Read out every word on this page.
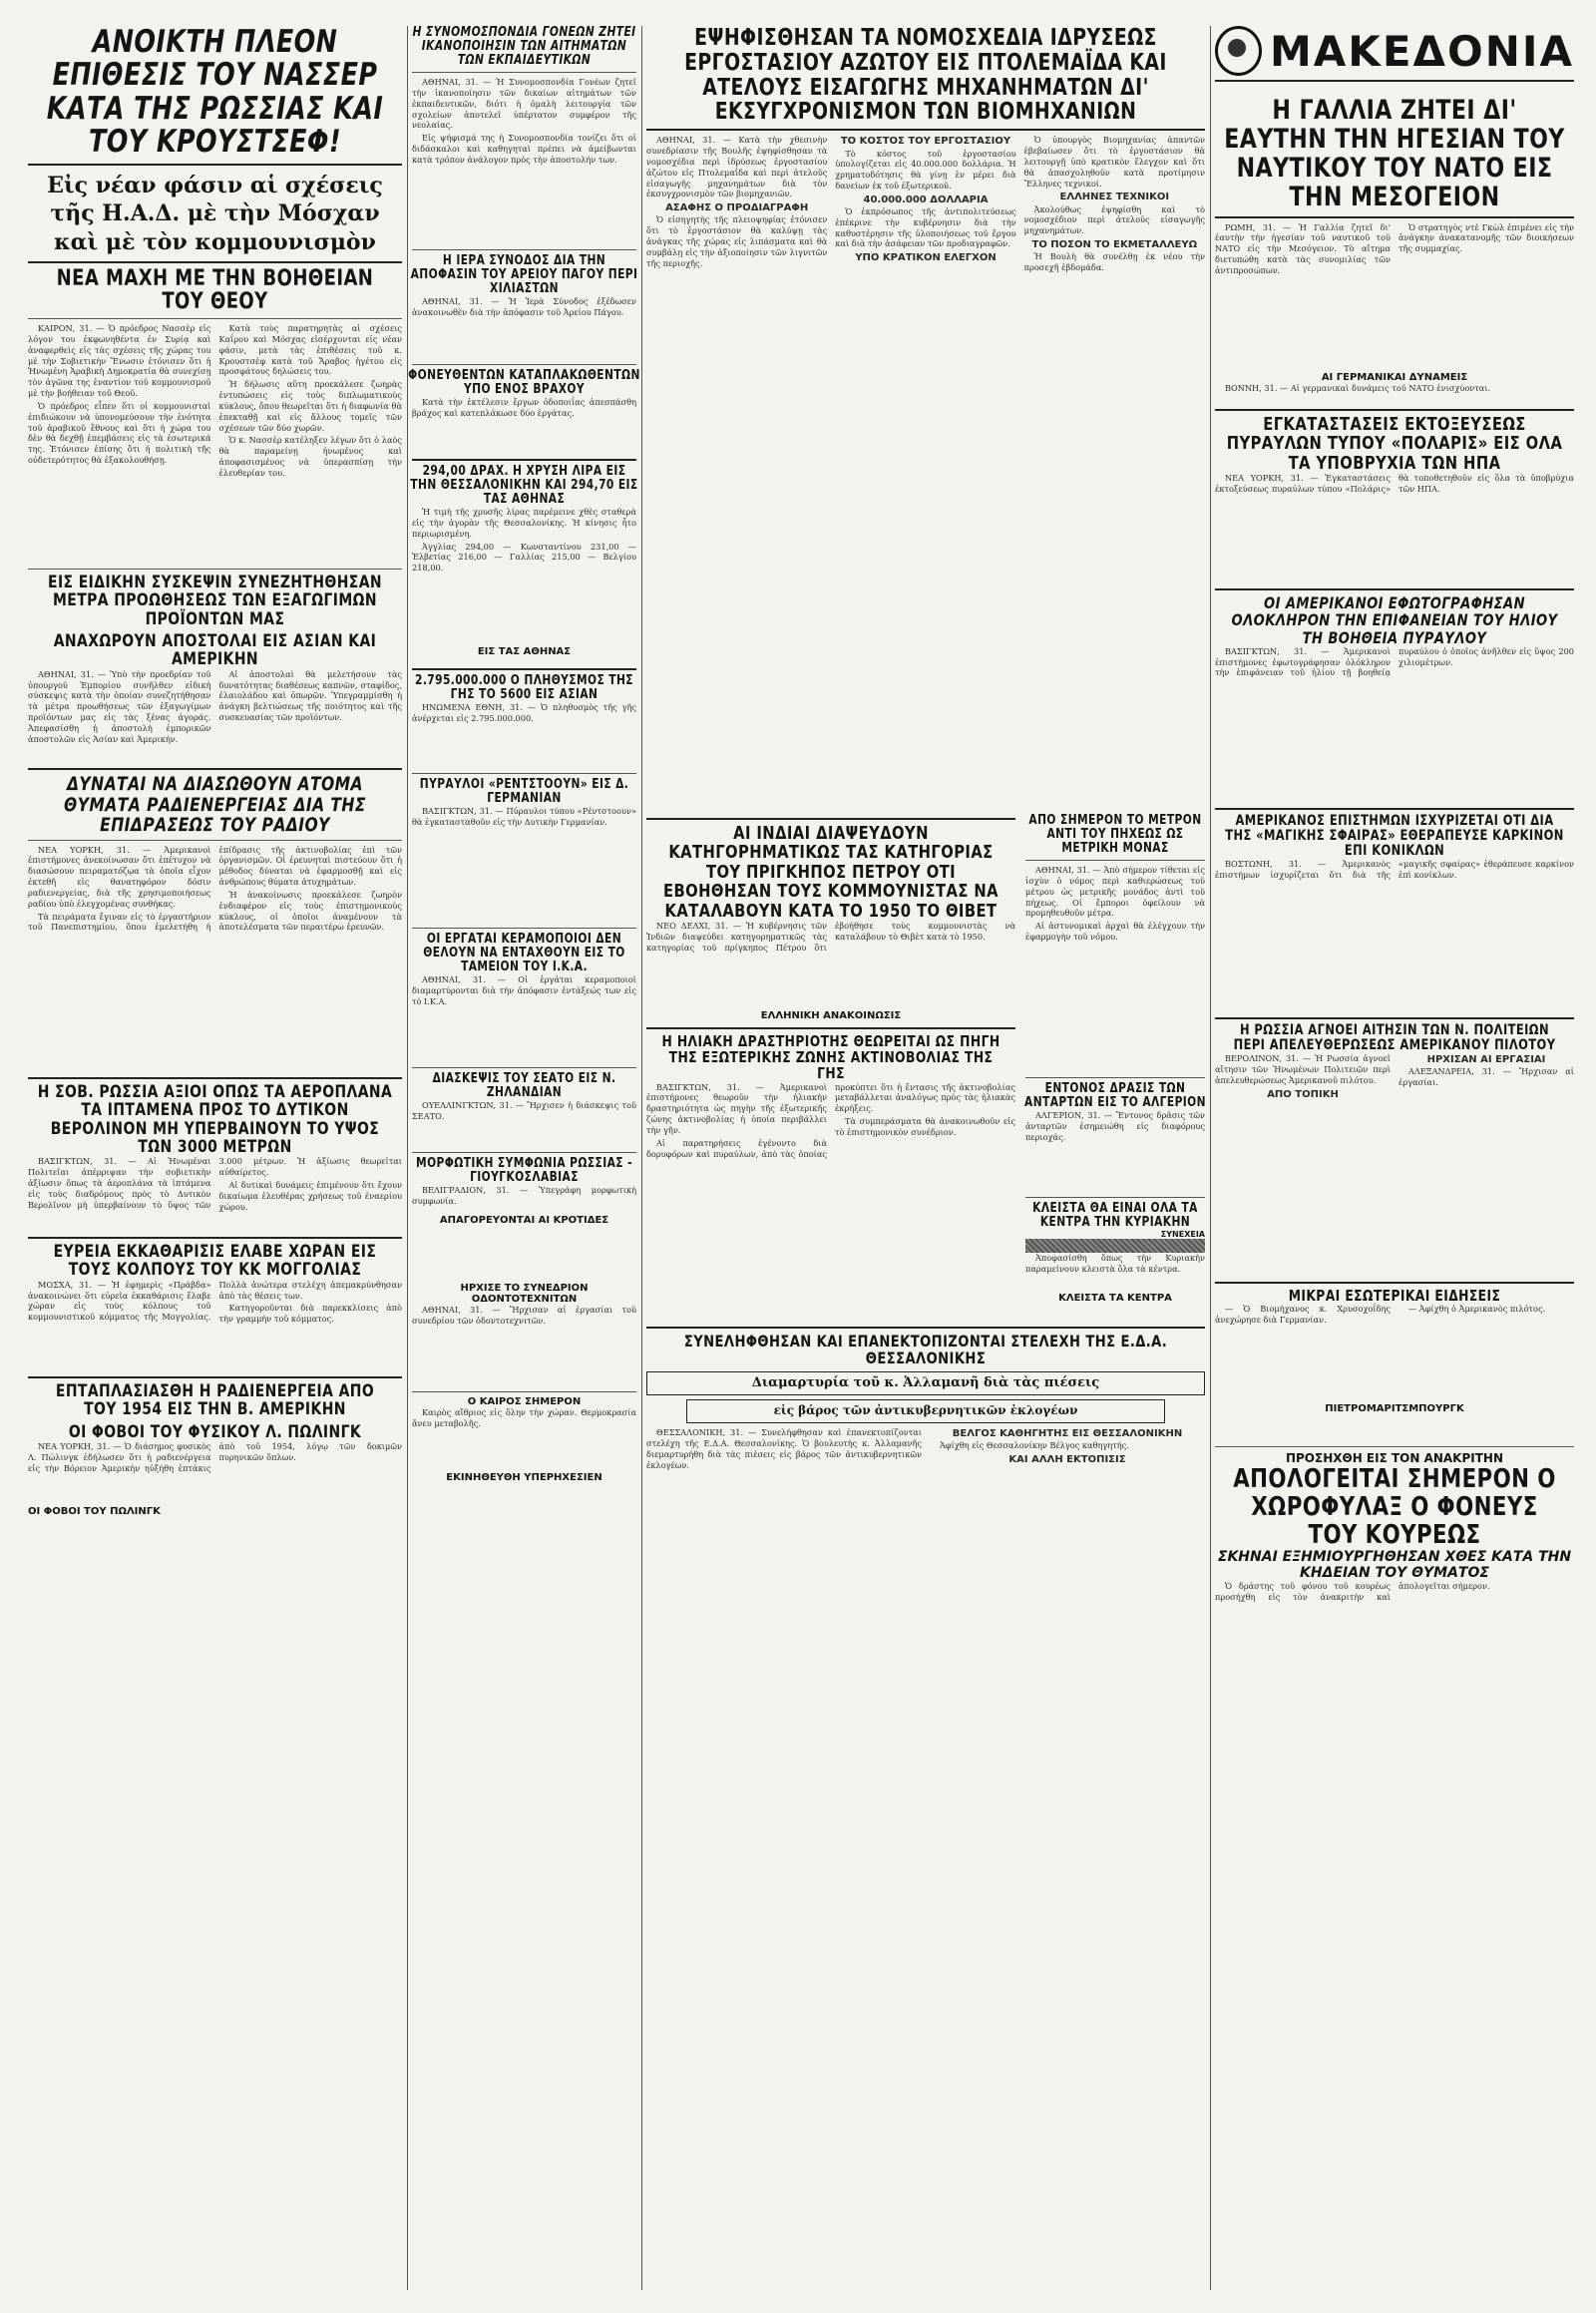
ΑΝΟΙΚΤΗ ΠΛΕΟΝ ΕΠΙΘΕΣΙΣ ΤΟΥ ΝΑΣΣΕΡ ΚΑΤΑ ΤΗΣ ΡΩΣΣΙΑΣ ΚΑΙ ΤΟΥ ΚΡΟΥΣΤΣΕΦ!
Εἰς νέαν φάσιν αἱ σχέσεις τῆς Η.Α.Δ. μὲ τὴν Μόσχαν καὶ μὲ τὸν κομμουνισμὸν
ΝΕΑ ΜΑΧΗ ΜΕ ΤΗΝ ΒΟΗΘΕΙΑΝ ΤΟΥ ΘΕΟΥ

ΚΑΙΡΟΝ, 31. — Ὁ πρόεδρος Νασσὲρ εἰς λόγον του ἐκφωνηθέντα ἐν Συρίᾳ καὶ ἀναφερθεὶς εἰς τὰς σχέσεις τῆς χώρας του μὲ τὴν Σοβιετικὴν Ἕνωσιν ἐτόνισεν ὅτι ἡ Ἡνωμένη Ἀραβικὴ Δημοκρατία θὰ συνεχίσῃ τὸν ἀγῶνα της ἐναντίον τοῦ κομμουνισμοῦ μὲ τὴν βοήθειαν τοῦ Θεοῦ.

Ὁ πρόεδρος εἶπεν ὅτι οἱ κομμουνισταὶ ἐπιδιώκουν νὰ ὑπονομεύσουν τὴν ἑνότητα τοῦ ἀραβικοῦ ἔθνους καὶ ὅτι ἡ χώρα του δὲν θὰ δεχθῇ ἐπεμβάσεις εἰς τὰ ἐσωτερικά της. Ἐτόνισεν ἐπίσης ὅτι ἡ πολιτικὴ τῆς οὐδετερότητος θὰ ἐξακολουθήσῃ.

Κατὰ τοὺς παρατηρητὰς αἱ σχέσεις Καΐρου καὶ Μόσχας εἰσέρχονται εἰς νέαν φάσιν, μετὰ τὰς ἐπιθέσεις τοῦ κ. Κρουστσὲφ κατὰ τοῦ Ἄραβος ἡγέτου εἰς προσφάτους δηλώσεις του.

Ἡ δήλωσις αὕτη προεκάλεσε ζωηρὰς ἐντυπώσεις εἰς τοὺς διπλωματικοὺς κύκλους, ὅπου θεωρεῖται ὅτι ἡ διαφωνία θὰ ἐπεκταθῇ καὶ εἰς ἄλλους τομεῖς τῶν σχέσεων τῶν δύο χωρῶν.

Ὁ κ. Νασσὲρ κατέληξεν λέγων ὅτι ὁ λαὸς θὰ παραμείνῃ ἡνωμένος καὶ ἀποφασισμένος νὰ ὑπερασπίσῃ τὴν ἐλευθερίαν του.

ΕΙΣ ΕΙΔΙΚΗΝ ΣΥΣΚΕΨΙΝ ΣΥΝΕΖΗΤΗΘΗΣΑΝ ΜΕΤΡΑ ΠΡΟΩΘΗΣΕΩΣ ΤΩΝ ΕΞΑΓΩΓΙΜΩΝ ΠΡΟΪΟΝΤΩΝ ΜΑΣ
ΑΝΑΧΩΡΟΥΝ ΑΠΟΣΤΟΛΑΙ ΕΙΣ ΑΣΙΑΝ ΚΑΙ ΑΜΕΡΙΚΗΝ

ΑΘΗΝΑΙ, 31. — Ὑπὸ τὴν προεδρίαν τοῦ ὑπουργοῦ Ἐμπορίου συνῆλθεν εἰδικὴ σύσκεψις κατὰ τὴν ὁποίαν συνεζητήθησαν τὰ μέτρα προωθήσεως τῶν ἐξαγωγίμων προϊόντων μας εἰς τὰς ξένας ἀγοράς. Ἀπεφασίσθη ἡ ἀποστολὴ ἐμπορικῶν ἀποστολῶν εἰς Ἀσίαν καὶ Ἀμερικήν.

Αἱ ἀποστολαὶ θὰ μελετήσουν τὰς δυνατότητας διαθέσεως καπνῶν, σταφίδος, ἐλαιολάδου καὶ ὀπωρῶν. Ὑπεγραμμίσθη ἡ ἀνάγκη βελτιώσεως τῆς ποιότητος καὶ τῆς συσκευασίας τῶν προϊόντων.

ΔΥΝΑΤΑΙ ΝΑ ΔΙΑΣΩΘΟΥΝ ΑΤΟΜΑ ΘΥΜΑΤΑ ΡΑΔΙΕΝΕΡΓΕΙΑΣ ΔΙΑ ΤΗΣ ΕΠΙΔΡΑΣΕΩΣ ΤΟΥ ΡΑΔΙΟΥ

ΝΕΑ ΥΟΡΚΗ, 31. — Ἀμερικανοὶ ἐπιστήμονες ἀνεκοίνωσαν ὅτι ἐπέτυχον νὰ διασώσουν πειραματόζῳα τὰ ὁποῖα εἶχον ἐκτεθῆ εἰς θανατηφόρον δόσιν ραδιενεργείας, διὰ τῆς χρησιμοποιήσεως ραδίου ὑπὸ ἐλεγχομένας συνθήκας.

Τὰ πειράματα ἔγιναν εἰς τὸ ἐργαστήριον τοῦ Πανεπιστημίου, ὅπου ἐμελετήθη ἡ ἐπίδρασις τῆς ἀκτινοβολίας ἐπὶ τῶν ὀργανισμῶν. Οἱ ἐρευνηταὶ πιστεύουν ὅτι ἡ μέθοδος δύναται νὰ ἐφαρμοσθῇ καὶ εἰς ἀνθρώπους θύματα ἀτυχημάτων.

Ἡ ἀνακοίνωσις προεκάλεσε ζωηρὸν ἐνδιαφέρον εἰς τοὺς ἐπιστημονικοὺς κύκλους, οἱ ὁποῖοι ἀναμένουν τὰ ἀποτελέσματα τῶν περαιτέρω ἐρευνῶν.

Η ΣΟΒ. ΡΩΣΣΙΑ ΑΞΙΟΙ ΟΠΩΣ ΤΑ ΑΕΡΟΠΛΑΝΑ ΤΑ ΙΠΤΑΜΕΝΑ ΠΡΟΣ ΤΟ ΔΥΤΙΚΟΝ ΒΕΡΟΛΙΝΟΝ ΜΗ ΥΠΕΡΒΑΙΝΟΥΝ ΤΟ ΥΨΟΣ ΤΩΝ 3000 ΜΕΤΡΩΝ

ΒΑΣΙΓΚΤΩΝ, 31. — Αἱ Ἡνωμέναι Πολιτεῖαι ἀπέρριψαν τὴν σοβιετικὴν ἀξίωσιν ὅπως τὰ ἀεροπλάνα τὰ ἱπτάμενα εἰς τοὺς διαδρόμους πρὸς τὸ Δυτικὸν Βερολῖνον μὴ ὑπερβαίνουν τὸ ὕψος τῶν 3.000 μέτρων. Ἡ ἀξίωσις θεωρεῖται αὐθαίρετος.

Αἱ δυτικαὶ δυνάμεις ἐπιμένουν ὅτι ἔχουν δικαίωμα ἐλευθέρας χρήσεως τοῦ ἐναερίου χώρου.

ΕΥΡΕΙΑ ΕΚΚΑΘΑΡΙΣΙΣ ΕΛΑΒΕ ΧΩΡΑΝ ΕΙΣ ΤΟΥΣ ΚΟΛΠΟΥΣ ΤΟΥ ΚΚ ΜΟΓΓΟΛΙΑΣ

ΜΟΣΧΑ, 31. — Ἡ ἐφημερὶς «Πράβδα» ἀνακοινώνει ὅτι εὐρεῖα ἐκκαθάρισις ἔλαβε χώραν εἰς τοὺς κόλπους τοῦ κομμουνιστικοῦ κόμματος τῆς Μογγολίας. Πολλὰ ἀνώτερα στελέχη ἀπεμακρύνθησαν ἀπὸ τὰς θέσεις των.

Κατηγοροῦνται διὰ παρεκκλίσεις ἀπὸ τὴν γραμμὴν τοῦ κόμματος.

ΕΠΤΑΠΛΑΣΙΑΣΘΗ Η ΡΑΔΙΕΝΕΡΓΕΙΑ ΑΠΟ ΤΟΥ 1954 ΕΙΣ ΤΗΝ Β. ΑΜΕΡΙΚΗΝ
ΟΙ ΦΟΒΟΙ ΤΟΥ ΦΥΣΙΚΟΥ Λ. ΠΩΛΙΝΓΚ

ΝΕΑ ΥΟΡΚΗ, 31. — Ὁ διάσημος φυσικὸς Λ. Πώλινγκ ἐδήλωσεν ὅτι ἡ ραδιενέργεια εἰς τὴν Βόρειον Ἀμερικὴν ηὐξήθη ἑπτάκις ἀπὸ τοῦ 1954, λόγῳ τῶν δοκιμῶν πυρηνικῶν ὅπλων.

ΟΙ ΦΟΒΟΙ ΤΟΥ ΠΩΛΙΝΓΚ
Η ΣΥΝΟΜΟΣΠΟΝΔΙΑ ΓΟΝΕΩΝ ΖΗΤΕΙ ΙΚΑΝΟΠΟΙΗΣΙΝ ΤΩΝ ΑΙΤΗΜΑΤΩΝ ΤΩΝ ΕΚΠΑΙΔΕΥΤΙΚΩΝ

ΑΘΗΝΑΙ, 31. — Ἡ Συνομοσπονδία Γονέων ζητεῖ τὴν ἱκανοποίησιν τῶν δικαίων αἰτημάτων τῶν ἐκπαιδευτικῶν, διότι ἡ ὁμαλὴ λειτουργία τῶν σχολείων ἀποτελεῖ ὑπέρτατον συμφέρον τῆς νεολαίας.

Εἰς ψήφισμά της ἡ Συνομοσπονδία τονίζει ὅτι οἱ διδάσκαλοι καὶ καθηγηταὶ πρέπει νὰ ἀμείβωνται κατὰ τρόπον ἀνάλογον πρὸς τὴν ἀποστολήν των.

Η ΙΕΡΑ ΣΥΝΟΔΟΣ ΔΙΑ ΤΗΝ ΑΠΟΦΑΣΙΝ ΤΟΥ ΑΡΕΙΟΥ ΠΑΓΟΥ ΠΕΡΙ ΧΙΛΙΑΣΤΩΝ

ΑΘΗΝΑΙ, 31. — Ἡ Ἱερὰ Σύνοδος ἐξέδωσεν ἀνακοινωθὲν διὰ τὴν ἀπόφασιν τοῦ Ἀρείου Πάγου.

ΦΟΝΕΥΘΕΝΤΩΝ ΚΑΤΑΠΛΑΚΩΘΕΝΤΩΝ ΥΠΟ ΕΝΟΣ ΒΡΑΧΟΥ

Κατὰ τὴν ἐκτέλεσιν ἔργων ὁδοποιΐας ἀπεσπάσθη βράχος καὶ κατεπλάκωσε δύο ἐργάτας.

294,00 ΔΡΑΧ. Η ΧΡΥΣΗ ΛΙΡΑ ΕΙΣ ΤΗΝ ΘΕΣΣΑΛΟΝΙΚΗΝ ΚΑΙ 294,70 ΕΙΣ ΤΑΣ ΑΘΗΝΑΣ

Ἡ τιμὴ τῆς χρυσῆς λίρας παρέμεινε χθὲς σταθερὰ εἰς τὴν ἀγορὰν τῆς Θεσσαλονίκης. Ἡ κίνησις ἦτο περιωρισμένη.

Ἀγγλίας 294,00 — Κωνσταντίνου 231,00 — Ἐλβετίας 216,00 — Γαλλίας 215,00 — Βελγίου 218,00.

ΕΙΣ ΤΑΣ ΑΘΗΝΑΣ
2.795.000.000 Ο ΠΛΗΘΥΣΜΟΣ ΤΗΣ ΓΗΣ ΤΟ 5600 ΕΙΣ ΑΣΙΑΝ

ΗΝΩΜΕΝΑ ΕΘΝΗ, 31. — Ὁ πληθυσμὸς τῆς γῆς ἀνέρχεται εἰς 2.795.000.000.

ΠΥΡΑΥΛΟΙ «ΡΕΝΤΣΤΟΟΥΝ» ΕΙΣ Δ. ΓΕΡΜΑΝΙΑΝ

ΒΑΣΙΓΚΤΩΝ, 31. — Πύραυλοι τύπου «Ρέντστοουν» θὰ ἐγκατασταθοῦν εἰς τὴν Δυτικὴν Γερμανίαν.

ΟΙ ΕΡΓΑΤΑΙ ΚΕΡΑΜΟΠΟΙΟΙ ΔΕΝ ΘΕΛΟΥΝ ΝΑ ΕΝΤΑΧΘΟΥΝ ΕΙΣ ΤΟ ΤΑΜΕΙΟΝ ΤΟΥ Ι.Κ.Α.

ΑΘΗΝΑΙ, 31. — Οἱ ἐργάται κεραμοποιοὶ διαμαρτύρονται διὰ τὴν ἀπόφασιν ἐντάξεώς των εἰς τὸ Ι.Κ.Α.

ΔΙΑΣΚΕΨΙΣ ΤΟΥ ΣΕΑΤΟ ΕΙΣ Ν. ΖΗΛΑΝΔΙΑΝ

ΟΥΕΛΛΙΝΓΚΤΩΝ, 31. — Ἤρχισεν ἡ διάσκεψις τοῦ ΣΕΑΤΟ.

ΜΟΡΦΩΤΙΚΗ ΣΥΜΦΩΝΙΑ ΡΩΣΣΙΑΣ - ΓΙΟΥΓΚΟΣΛΑΒΙΑΣ

ΒΕΛΙΓΡΑΔΙΟΝ, 31. — Ὑπεγράφη μορφωτικὴ συμφωνία.

ΑΠΑΓΟΡΕΥΟΝΤΑΙ ΑΙ ΚΡΟΤΙΔΕΣ
ΗΡΧΙΣΕ ΤΟ ΣΥΝΕΔΡΙΟΝ ΟΔΟΝΤΟΤΕΧΝΙΤΩΝ

ΑΘΗΝΑΙ, 31. — Ἤρχισαν αἱ ἐργασίαι τοῦ συνεδρίου τῶν ὀδοντοτεχνιτῶν.

Ο ΚΑΙΡΟΣ ΣΗΜΕΡΟΝ

Καιρὸς αἴθριος εἰς ὅλην τὴν χώραν. Θερμοκρασία ἄνευ μεταβολῆς.

ΕΚΙΝΗΘΕΥΘΗ ΥΠΕΡΗΧΕΣΙΕΝ
ΕΨΗΦΙΣΘΗΣΑΝ ΤΑ ΝΟΜΟΣΧΕΔΙΑ ΙΔΡΥΣΕΩΣ ΕΡΓΟΣΤΑΣΙΟΥ ΑΖΩΤΟΥ ΕΙΣ ΠΤΟΛΕΜΑΪΔΑ ΚΑΙ ΑΤΕΛΟΥΣ ΕΙΣΑΓΩΓΗΣ ΜΗΧΑΝΗΜΑΤΩΝ ΔΙ' ΕΚΣΥΓΧΡΟΝΙΣΜΟΝ ΤΩΝ ΒΙΟΜΗΧΑΝΙΩΝ

ΑΘΗΝΑΙ, 31. — Κατὰ τὴν χθεσινὴν συνεδρίασιν τῆς Βουλῆς ἐψηφίσθησαν τὰ νομοσχέδια περὶ ἱδρύσεως ἐργοστασίου ἀζώτου εἰς Πτολεμαΐδα καὶ περὶ ἀτελοῦς εἰσαγωγῆς μηχανημάτων διὰ τὸν ἐκσυγχρονισμὸν τῶν βιομηχανιῶν.

ΑΣΑΦΗΣ Ο ΠΡΟΔΙΑΓΡΑΦΗ

Ὁ εἰσηγητὴς τῆς πλειοψηφίας ἐτόνισεν ὅτι τὸ ἐργοστάσιον θὰ καλύψῃ τὰς ἀνάγκας τῆς χώρας εἰς λιπάσματα καὶ θὰ συμβάλῃ εἰς τὴν ἀξιοποίησιν τῶν λιγνιτῶν τῆς περιοχῆς.

ΤΟ ΚΟΣΤΟΣ ΤΟΥ ΕΡΓΟΣΤΑΣΙΟΥ

Τὸ κόστος τοῦ ἐργοστασίου ὑπολογίζεται εἰς 40.000.000 δολλάρια. Ἡ χρηματοδότησις θὰ γίνῃ ἐν μέρει διὰ δανείων ἐκ τοῦ ἐξωτερικοῦ.

40.000.000 ΔΟΛΛΑΡΙΑ

Ὁ ἐκπρόσωπος τῆς ἀντιπολιτεύσεως ἐπέκρινε τὴν κυβέρνησιν διὰ τὴν καθυστέρησιν τῆς ὑλοποιήσεως τοῦ ἔργου καὶ διὰ τὴν ἀσάφειαν τῶν προδιαγραφῶν.

ΥΠΟ ΚΡΑΤΙΚΟΝ ΕΛΕΓΧΟΝ

Ὁ ὑπουργὸς Βιομηχανίας ἀπαντῶν ἐβεβαίωσεν ὅτι τὸ ἐργοστάσιον θὰ λειτουργῇ ὑπὸ κρατικὸν ἔλεγχον καὶ ὅτι θὰ ἀπασχοληθοῦν κατὰ προτίμησιν Ἕλληνες τεχνικοί.

ΕΛΛΗΝΕΣ ΤΕΧΝΙΚΟΙ

Ἀκολούθως ἐψηφίσθη καὶ τὸ νομοσχέδιον περὶ ἀτελοῦς εἰσαγωγῆς μηχανημάτων.

ΤΟ ΠΟΣΟΝ ΤΟ ΕΚΜΕΤΑΛΛΕΥΩ

Ἡ Βουλὴ θὰ συνέλθῃ ἐκ νέου τὴν προσεχῆ ἑβδομάδα.

ΑΙ ΙΝΔΙΑΙ ΔΙΑΨΕΥΔΟΥΝ ΚΑΤΗΓΟΡΗΜΑΤΙΚΩΣ ΤΑΣ ΚΑΤΗΓΟΡΙΑΣ ΤΟΥ ΠΡΙΓΚΗΠΟΣ ΠΕΤΡΟΥ ΟΤΙ ΕΒΟΗΘΗΣΑΝ ΤΟΥΣ ΚΟΜΜΟΥΝΙΣΤΑΣ ΝΑ ΚΑΤΑΛΑΒΟΥΝ ΚΑΤΑ ΤΟ 1950 ΤΟ ΘΙΒΕΤ

ΝΕΟ ΔΕΛΧΙ, 31. — Ἡ κυβέρνησις τῶν Ἰνδιῶν διαψεύδει κατηγορηματικῶς τὰς κατηγορίας τοῦ πρίγκηπος Πέτρου ὅτι ἐβοήθησε τοὺς κομμουνιστὰς νὰ καταλάβουν τὸ Θιβὲτ κατὰ τὸ 1950.

ΕΛΛΗΝΙΚΗ ΑΝΑΚΟΙΝΩΣΙΣ
ΑΠΟ ΣΗΜΕΡΟΝ ΤΟ ΜΕΤΡΟΝ ΑΝΤΙ ΤΟΥ ΠΗΧΕΩΣ ΩΣ ΜΕΤΡΙΚΗ ΜΟΝΑΣ

ΑΘΗΝΑΙ, 31. — Ἀπὸ σήμερον τίθεται εἰς ἰσχὺν ὁ νόμος περὶ καθιερώσεως τοῦ μέτρου ὡς μετρικῆς μονάδος ἀντὶ τοῦ πήχεως. Οἱ ἔμποροι ὀφείλουν νὰ προμηθευθοῦν μέτρα.

Αἱ ἀστυνομικαὶ ἀρχαὶ θὰ ἐλέγχουν τὴν ἐφαρμογὴν τοῦ νόμου.

Η ΗΛΙΑΚΗ ΔΡΑΣΤΗΡΙΟΤΗΣ ΘΕΩΡΕΙΤΑΙ ΩΣ ΠΗΓΗ ΤΗΣ ΕΞΩΤΕΡΙΚΗΣ ΖΩΝΗΣ ΑΚΤΙΝΟΒΟΛΙΑΣ ΤΗΣ ΓΗΣ

ΒΑΣΙΓΚΤΩΝ, 31. — Ἀμερικανοὶ ἐπιστήμονες θεωροῦν τὴν ἡλιακὴν δραστηριότητα ὡς πηγὴν τῆς ἐξωτερικῆς ζώνης ἀκτινοβολίας ἡ ὁποία περιβάλλει τὴν γῆν.

Αἱ παρατηρήσεις ἐγένοντο διὰ δορυφόρων καὶ πυραύλων, ἀπὸ τὰς ὁποίας προκύπτει ὅτι ἡ ἔντασις τῆς ἀκτινοβολίας μεταβάλλεται ἀναλόγως πρὸς τὰς ἡλιακὰς ἐκρήξεις.

Τὰ συμπεράσματα θὰ ἀνακοινωθοῦν εἰς τὸ ἐπιστημονικὸν συνέδριον.

ΕΝΤΟΝΟΣ ΔΡΑΣΙΣ ΤΩΝ ΑΝΤΑΡΤΩΝ ΕΙΣ ΤΟ ΑΛΓΕΡΙΟΝ

ΑΛΓΕΡΙΟΝ, 31. — Ἔντονος δρᾶσις τῶν ἀνταρτῶν ἐσημειώθη εἰς διαφόρους περιοχάς.

ΚΛΕΙΣΤΑ ΘΑ ΕΙΝΑΙ ΟΛΑ ΤΑ ΚΕΝΤΡΑ ΤΗΝ ΚΥΡΙΑΚΗΝ
ΣΥΝΕΧΕΙΑ

Ἀποφασίσθη ὅπως τὴν Κυριακὴν παραμείνουν κλειστὰ ὅλα τὰ κέντρα.

ΚΛΕΙΣΤΑ ΤΑ ΚΕΝΤΡΑ
ΣΥΝΕΛΗΦΘΗΣΑΝ ΚΑΙ ΕΠΑΝΕΚΤΟΠΙΖΟΝΤΑΙ ΣΤΕΛΕΧΗ ΤΗΣ Ε.Δ.Α. ΘΕΣΣΑΛΟΝΙΚΗΣ
Διαμαρτυρία τοῦ κ. Ἀλλαμανῆ διὰ τὰς πιέσεις
εἰς βάρος τῶν ἀντικυβερνητικῶν ἐκλογέων

ΘΕΣΣΑΛΟΝΙΚΗ, 31. — Συνελήφθησαν καὶ ἐπανεκτοπίζονται στελέχη τῆς Ε.Δ.Α. Θεσσαλονίκης. Ὁ βουλευτὴς κ. Ἀλλαμανῆς διεμαρτυρήθη διὰ τὰς πιέσεις εἰς βάρος τῶν ἀντικυβερνητικῶν ἐκλογέων.

ΒΕΛΓΟΣ ΚΑΘΗΓΗΤΗΣ ΕΙΣ ΘΕΣΣΑΛΟΝΙΚΗΝ

Ἀφίχθη εἰς Θεσσαλονίκην Βέλγος καθηγητής.

ΚΑΙ ΑΛΛΗ ΕΚΤΟΠΙΣΙΣ
ΜΑΚΕΔΟΝΙΑ
Η ΓΑΛΛΙΑ ΖΗΤΕΙ ΔΙ' ΕΑΥΤΗΝ ΤΗΝ ΗΓΕΣΙΑΝ ΤΟΥ ΝΑΥΤΙΚΟΥ ΤΟΥ ΝΑΤΟ ΕΙΣ ΤΗΝ ΜΕΣΟΓΕΙΟΝ

ΡΩΜΗ, 31. — Ἡ Γαλλία ζητεῖ δι' ἑαυτὴν τὴν ἡγεσίαν τοῦ ναυτικοῦ τοῦ ΝΑΤΟ εἰς τὴν Μεσόγειον. Τὸ αἴτημα διετυπώθη κατὰ τὰς συνομιλίας τῶν ἀντιπροσώπων.

Ὁ στρατηγὸς ντὲ Γκὼλ ἐπιμένει εἰς τὴν ἀνάγκην ἀνακατανομῆς τῶν διοικήσεων τῆς συμμαχίας.

ΑΙ ΓΕΡΜΑΝΙΚΑΙ ΔΥΝΑΜΕΙΣ

ΒΟΝΝΗ, 31. — Αἱ γερμανικαὶ δυνάμεις τοῦ ΝΑΤΟ ἐνισχύονται.

ΕΓΚΑΤΑΣΤΑΣΕΙΣ ΕΚΤΟΞΕΥΣΕΩΣ ΠΥΡΑΥΛΩΝ ΤΥΠΟΥ «ΠΟΛΑΡΙΣ» ΕΙΣ ΟΛΑ ΤΑ ΥΠΟΒΡΥΧΙΑ ΤΩΝ ΗΠΑ

ΝΕΑ ΥΟΡΚΗ, 31. — Ἐγκαταστάσεις ἐκτοξεύσεως πυραύλων τύπου «Πολάρις» θὰ τοποθετηθοῦν εἰς ὅλα τὰ ὑποβρύχια τῶν ΗΠΑ.

ΟΙ ΑΜΕΡΙΚΑΝΟΙ ΕΦΩΤΟΓΡΑΦΗΣΑΝ ΟΛΟΚΛΗΡΟΝ ΤΗΝ ΕΠΙΦΑΝΕΙΑΝ ΤΟΥ ΗΛΙΟΥ ΤΗ ΒΟΗΘΕΙΑ ΠΥΡΑΥΛΟΥ

ΒΑΣΙΓΚΤΩΝ, 31. — Ἀμερικανοὶ ἐπιστήμονες ἐφωτογράφησαν ὁλόκληρον τὴν ἐπιφάνειαν τοῦ ἡλίου τῇ βοηθείᾳ πυραύλου ὁ ὁποῖος ἀνῆλθεν εἰς ὕψος 200 χιλιομέτρων.

ΑΜΕΡΙΚΑΝΟΣ ΕΠΙΣΤΗΜΩΝ ΙΣΧΥΡΙΖΕΤΑΙ ΟΤΙ ΔΙΑ ΤΗΣ «ΜΑΓΙΚΗΣ ΣΦΑΙΡΑΣ» ΕΘΕΡΑΠΕΥΣΕ ΚΑΡΚΙΝΟΝ ΕΠΙ ΚΟΝΙΚΛΩΝ

ΒΟΣΤΩΝΗ, 31. — Ἀμερικανὸς ἐπιστήμων ἰσχυρίζεται ὅτι διὰ τῆς «μαγικῆς σφαίρας» ἐθεράπευσε καρκίνον ἐπὶ κονίκλων.

Η ΡΩΣΣΙΑ ΑΓΝΟΕΙ ΑΙΤΗΣΙΝ ΤΩΝ Ν. ΠΟΛΙΤΕΙΩΝ ΠΕΡΙ ΑΠΕΛΕΥΘΕΡΩΣΕΩΣ ΑΜΕΡΙΚΑΝΟΥ ΠΙΛΟΤΟΥ

ΒΕΡΟΛΙΝΟΝ, 31. — Ἡ Ρωσσία ἀγνοεῖ αἴτησιν τῶν Ἡνωμένων Πολιτειῶν περὶ ἀπελευθερώσεως Ἀμερικανοῦ πιλότου.

ΑΠΟ ΤΟΠΙΚΗ
ΗΡΧΙΣΑΝ ΑΙ ΕΡΓΑΣΙΑΙ

ΑΛΕΞΑΝΔΡΕΙΑ, 31. — Ἤρχισαν αἱ ἐργασίαι.

ΜΙΚΡΑΙ ΕΣΩΤΕΡΙΚΑΙ ΕΙΔΗΣΕΙΣ

— Ὁ Βιομήχανος κ. Χρυσοχοΐδης ἀνεχώρησε διὰ Γερμανίαν.

— Ἀφίχθη ὁ Ἀμερικανὸς πιλότος.

ΠΙΕΤΡΟΜΑΡΙΤΣΜΠΟΥΡΓΚ
ΠΡΟΣΗΧΘΗ ΕΙΣ ΤΟΝ ΑΝΑΚΡΙΤΗΝ
ΑΠΟΛΟΓΕΙΤΑΙ ΣΗΜΕΡΟΝ Ο ΧΩΡΟΦΥΛΑΞ Ο ΦΟΝΕΥΣ ΤΟΥ ΚΟΥΡΕΩΣ
ΣΚΗΝΑΙ ΕΞΗΜΙΟΥΡΓΗΘΗΣΑΝ ΧΘΕΣ ΚΑΤΑ ΤΗΝ ΚΗΔΕΙΑΝ ΤΟΥ ΘΥΜΑΤΟΣ

Ὁ δράστης τοῦ φόνου τοῦ κουρέως προσήχθη εἰς τὸν ἀνακριτὴν καὶ ἀπολογεῖται σήμερον.
